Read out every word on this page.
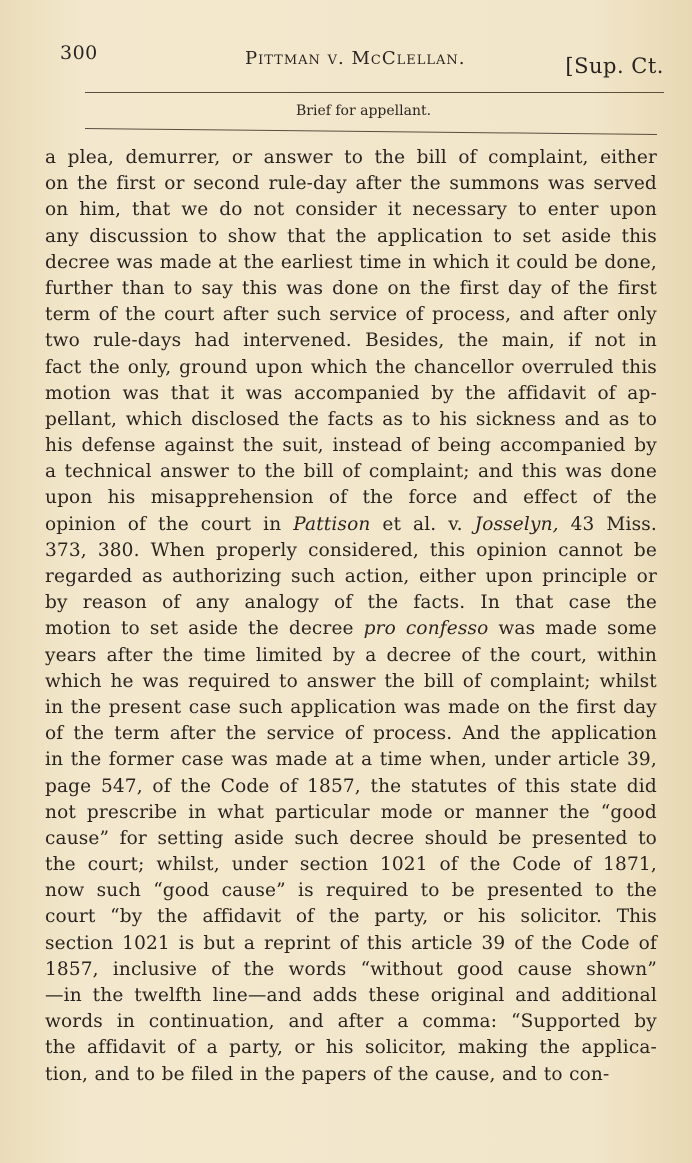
300	Pittman v. McClellan.	[Sup. Ct.
Brief for appellant.
a plea, demurrer, or answer to the bill of complaint, either
on the first or second rule-day after the summons was served
on him, that we do not consider it necessary to enter upon
any discussion to show that the application to set aside this
decree was made at the earliest time in which it could be done,
further than to say this was done on the first day of the first
term of the court after such service of process, and after only
two rule-days had intervened. Besides, the main, if not in
fact the only, ground upon which the chancellor overruled this
motion was that it was accompanied by the affidavit of ap-
pellant, which disclosed the facts as to his sickness and as to
his defense against the suit, instead of being accompanied by
a technical answer to the bill of complaint; and this was done
upon his misapprehension of the force and effect of the
opinion of the court in Pattison et al. v. Josselyn, 43 Miss.
373, 380. When properly considered, this opinion cannot be
regarded as authorizing such action, either upon principle or
by reason of any analogy of the facts. In that case the
motion to set aside the decree pro confesso was made some
years after the time limited by a decree of the court, within
which he was required to answer the bill of complaint; whilst
in the present case such application was made on the first day
of the term after the service of process. And the application
in the former case was made at a time when, under article 39,
page 547, of the Code of 1857, the statutes of this state did
not prescribe in what particular mode or manner the “good
cause” for setting aside such decree should be presented to
the court; whilst, under section 1021 of the Code of 1871,
now such “good cause” is required to be presented to the
court “by the affidavit of the party, or his solicitor. This
section 1021 is but a reprint of this article 39 of the Code of
1857, inclusive of the words “without good cause shown”
—in the twelfth line—and adds these original and additional
words in continuation, and after a comma: “Supported by
the affidavit of a party, or his solicitor, making the applica-
tion, and to be filed in the papers of the cause, and to con-
